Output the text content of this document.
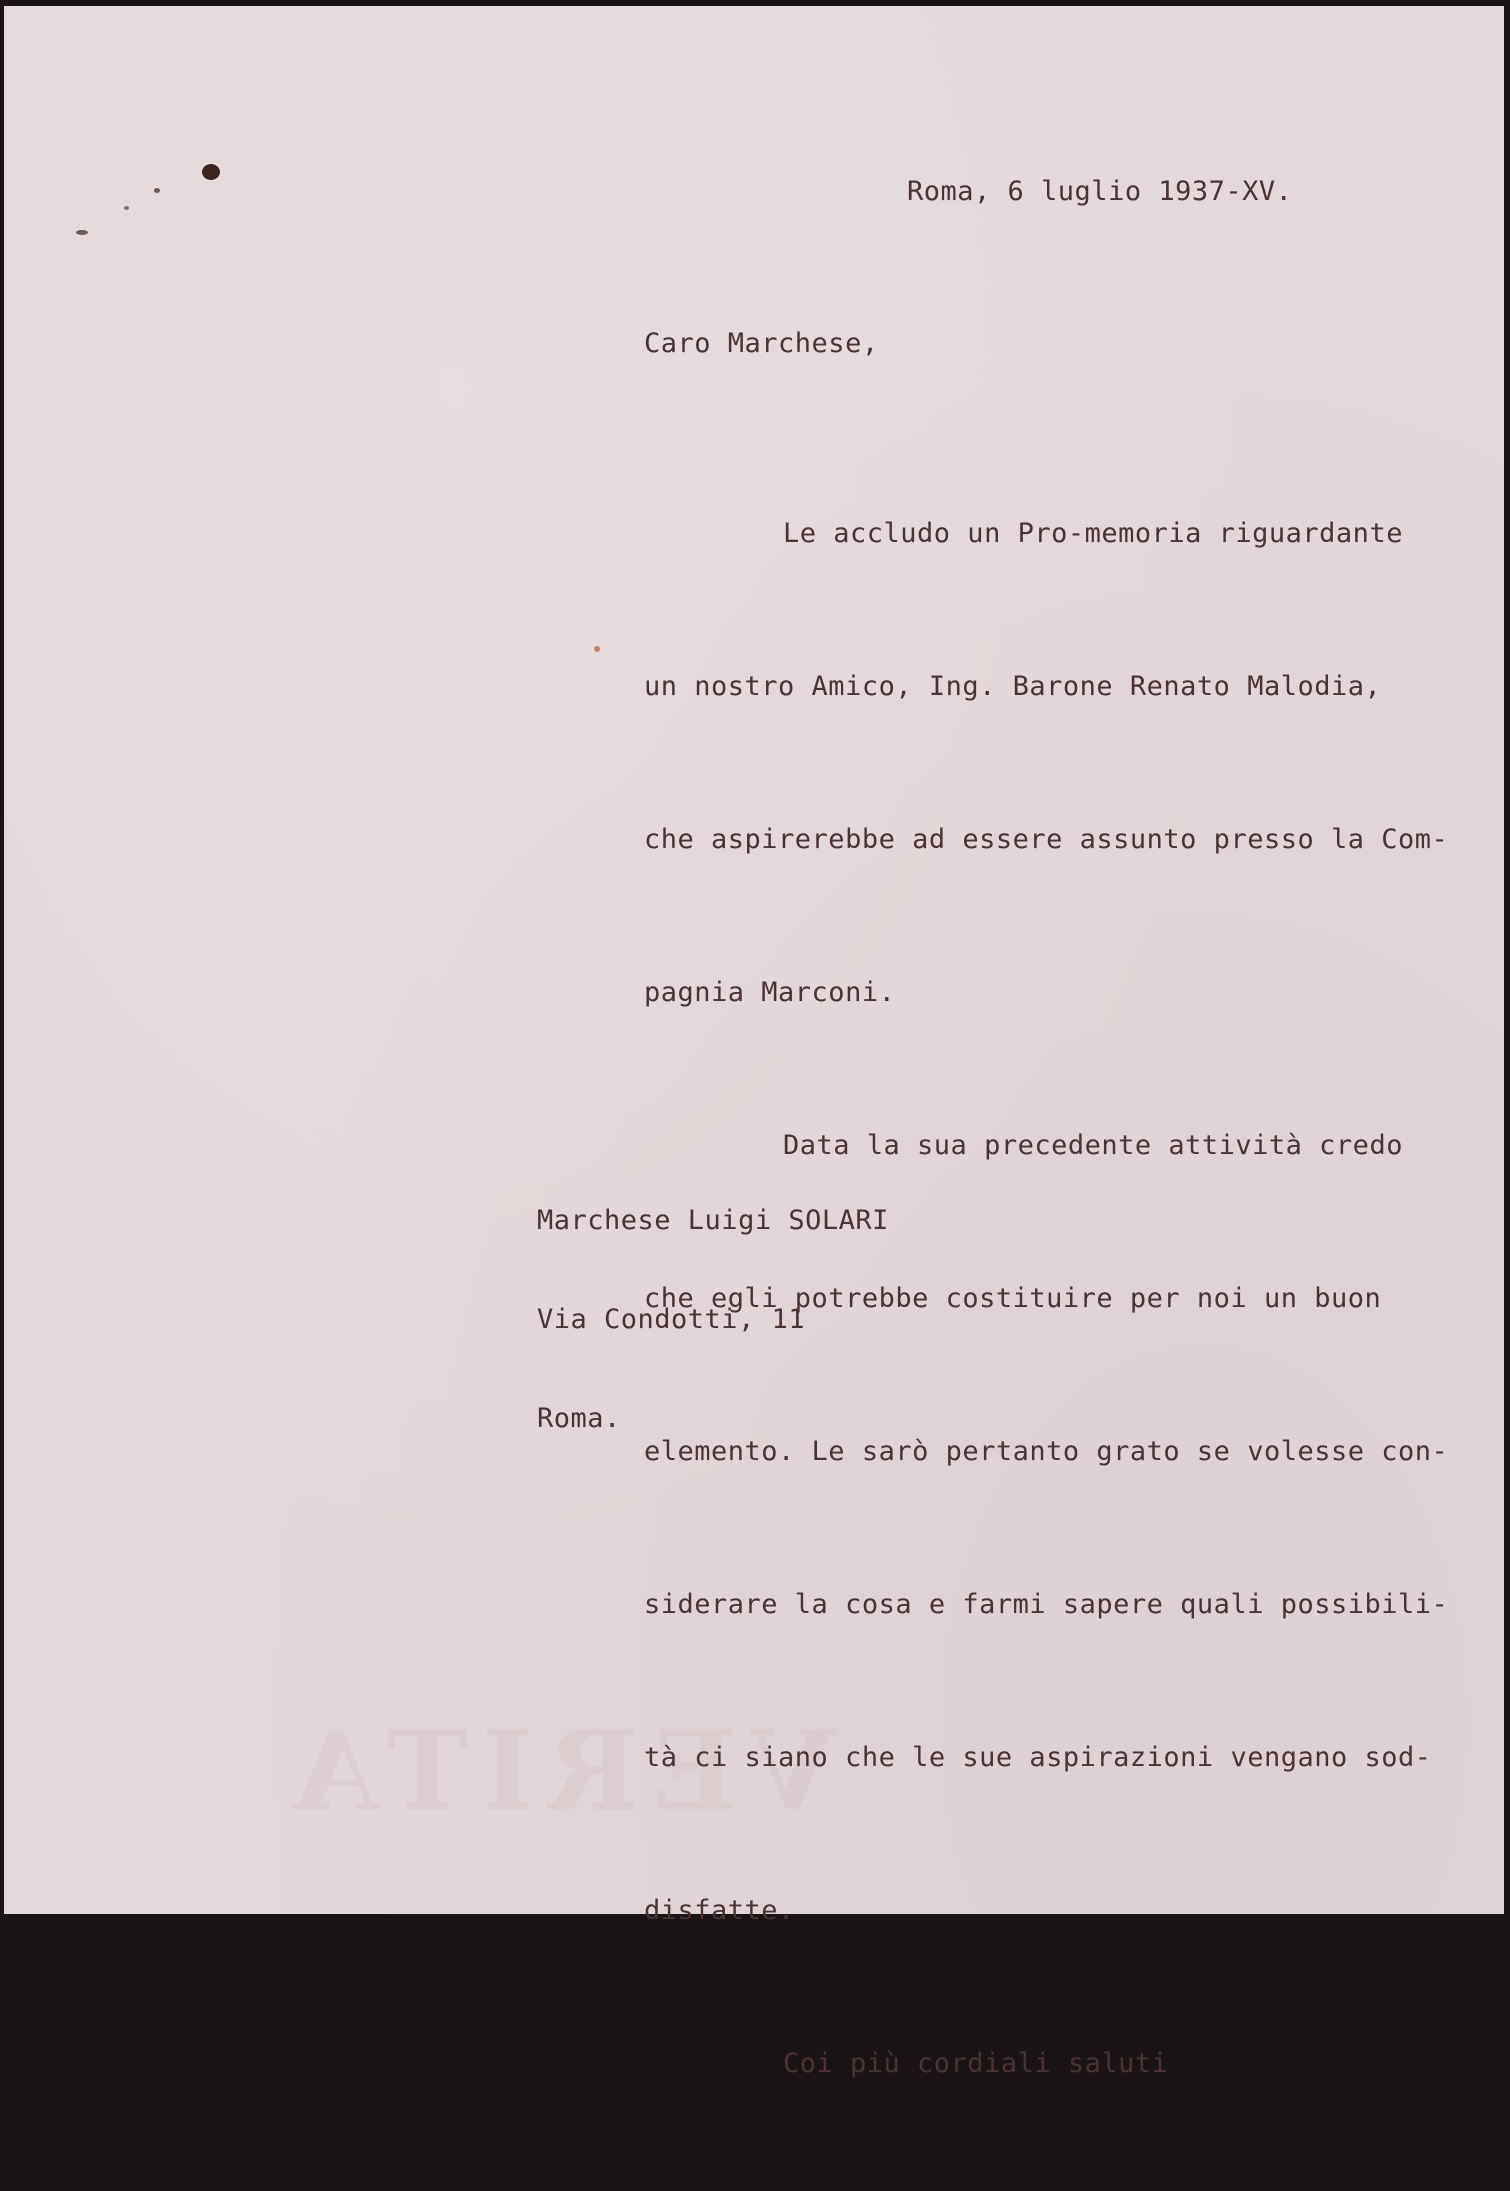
VERITA

Roma, 6 luglio 1937-XV.

Caro Marchese,

Le accludo un Pro-memoria riguardante

un nostro Amico, Ing. Barone Renato Malodia,

che aspirerebbe ad essere assunto presso la Com-

pagnia Marconi.

Data la sua precedente attività credo

che egli potrebbe costituire per noi un buon

elemento. Le sarò pertanto grato se volesse con-

siderare la cosa e farmi sapere quali possibili-

tà ci siano che le sue aspirazioni vengano sod-

disfatte.

Coi più cordiali saluti

Marchese Luigi SOLARI

Via Condotti, 11

Roma.
